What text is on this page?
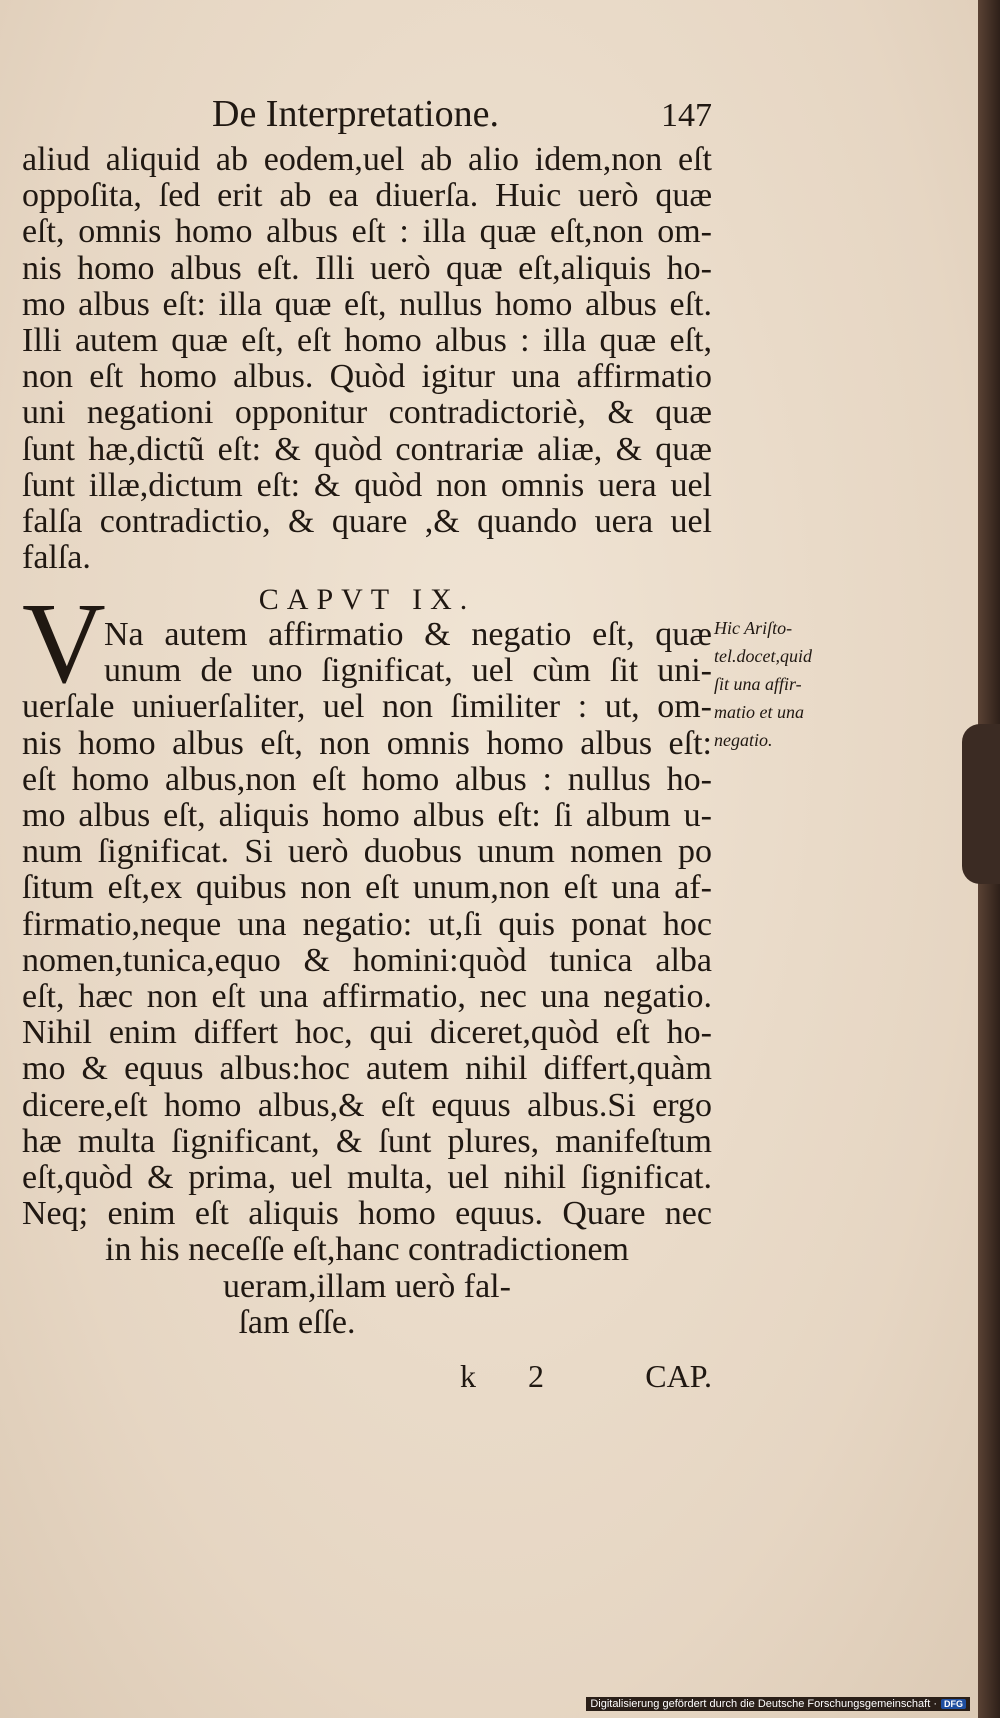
De Interpretatione.	147
aliud aliquid ab eodem,uel ab alio idem,non eſt
oppoſita, ſed erit ab ea diuerſa. Huic uerò quæ
eſt, omnis homo albus eſt : illa quæ eſt,non om-
nis homo albus eſt. Illi uerò quæ eſt,aliquis ho-
mo albus eſt: illa quæ eſt, nullus homo albus eſt.
Illi autem quæ eſt, eſt homo albus : illa quæ eſt,
non eſt homo albus. Quòd igitur una affirmatio
uni negationi opponitur contradictoriè, & quæ
ſunt hæ,dictũ eſt: & quòd contrariæ aliæ, & quæ
ſunt illæ,dictum eſt: & quòd non omnis uera uel
falſa contradictio, & quare ,& quando uera uel
falſa.
CAPVT IX.
V
Na autem affirmatio & negatio eſt, quæ
unum de uno ſignificat, uel cùm ſit uni-
uerſale uniuerſaliter, uel non ſimiliter : ut, om-
nis homo albus eſt, non omnis homo albus eſt:
eſt homo albus,non eſt homo albus : nullus ho-
mo albus eſt, aliquis homo albus eſt: ſi album u-
num ſignificat. Si uerò duobus unum nomen po
ſitum eſt,ex quibus non eſt unum,non eſt una af-
firmatio,neque una negatio: ut,ſi quis ponat hoc
nomen,tunica,equo & homini:quòd tunica alba
eſt, hæc non eſt una affirmatio, nec una negatio.
Nihil enim differt hoc, qui diceret,quòd eſt ho-
mo & equus albus:hoc autem nihil differt,quàm
dicere,eſt homo albus,& eſt equus albus.Si ergo
hæ multa ſignificant, & ſunt plures, manifeſtum
eſt,quòd & prima, uel multa, uel nihil ſignificat.
Neq; enim eſt aliquis homo equus. Quare nec
in his neceſſe eſt,hanc contradictionem
ueram,illam uerò fal-
ſam eſſe.
Hic Ariſto-
tel.docet,quid
ſit una affir-
matio et una
negatio.
k 2 CAP.
Digitalisierung gefördert durch die Deutsche Forschungsgemeinschaft · DFG
